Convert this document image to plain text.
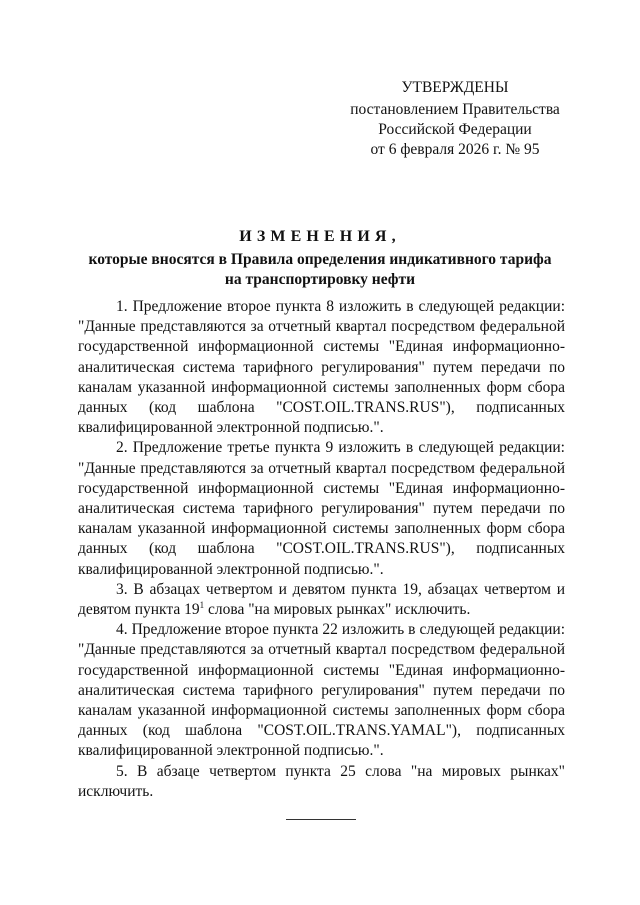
УТВЕРЖДЕНЫ
постановлением Правительства
Российской Федерации
от 6 февраля 2026 г. № 95
ИЗМЕНЕНИЯ,
которые вносятся в Правила определения индикативного тарифа
на транспортировку нефти

1. Предложение второе пункта 8 изложить в следующей редакции: "Данные представляются за отчетный квартал посредством федеральной государственной информационной системы "Единая информационно-аналитическая система тарифного регулирования" путем передачи по каналам указанной информационной системы заполненных форм сбора данных (код шаблона "COST.OIL.TRANS.RUS"), подписанных квалифицированной электронной подписью.".

2. Предложение третье пункта 9 изложить в следующей редакции: "Данные представляются за отчетный квартал посредством федеральной государственной информационной системы "Единая информационно-аналитическая система тарифного регулирования" путем передачи по каналам указанной информационной системы заполненных форм сбора данных (код шаблона "COST.OIL.TRANS.RUS"), подписанных квалифицированной электронной подписью.".

3. В абзацах четвертом и девятом пункта 19, абзацах четвертом и девятом пункта $19^1$ слова "на мировых рынках" исключить.

4. Предложение второе пункта 22 изложить в следующей редакции: "Данные представляются за отчетный квартал посредством федеральной государственной информационной системы "Единая информационно-аналитическая система тарифного регулирования" путем передачи по каналам указанной информационной системы заполненных форм сбора данных (код шаблона "COST.OIL.TRANS.YAMAL"), подписанных квалифицированной электронной подписью.".

5. В абзаце четвертом пункта 25 слова "на мировых рынках" исключить.
